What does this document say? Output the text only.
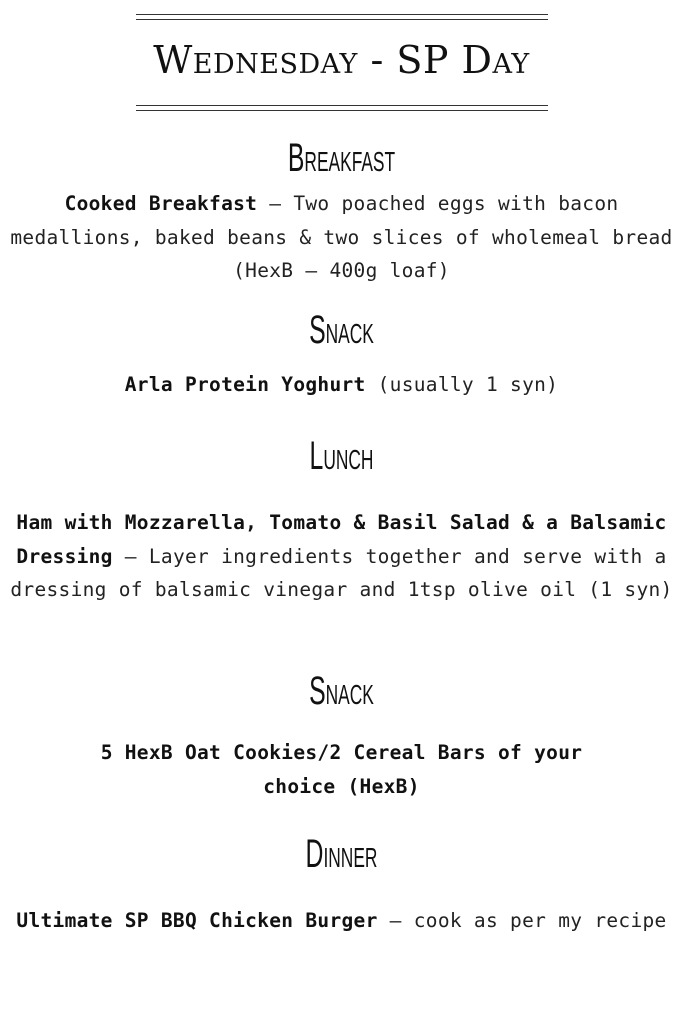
Wednesday - SP Day
Breakfast

Cooked Breakfast – Two poached eggs with bacon medallions, baked beans & two slices of wholemeal bread (HexB – 400g loaf)

Snack

Arla Protein Yoghurt (usually 1 syn)

Lunch

Ham with Mozzarella, Tomato & Basil Salad & a Balsamic Dressing – Layer ingredients together and serve with a dressing of balsamic vinegar and 1tsp olive oil (1 syn)

Snack

5 HexB Oat Cookies/2 Cereal Bars of your choice (HexB)

Dinner

Ultimate SP BBQ Chicken Burger – cook as per my recipe
